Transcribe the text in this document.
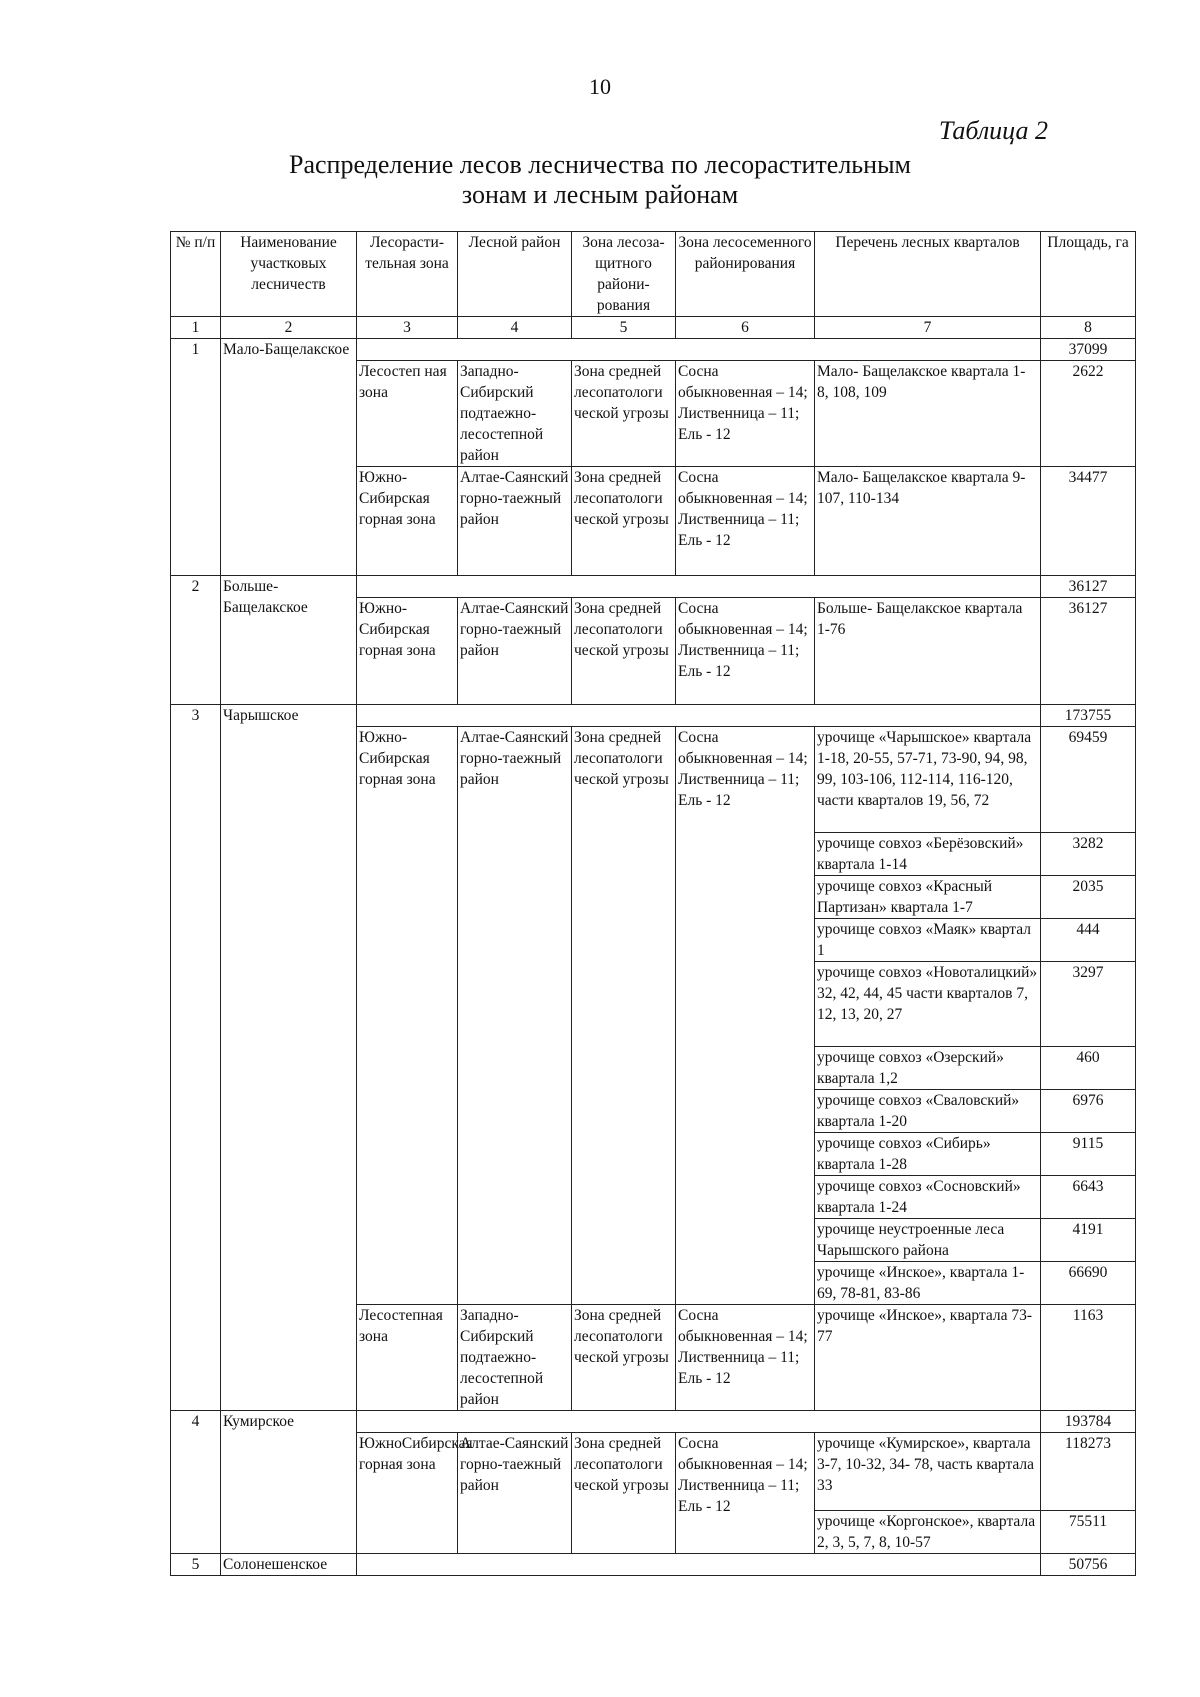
10
Таблица 2
Распределение лесов лесничества по лесорастительным
зонам и лесным районам
№ п/п	Наименование участковых лесничеств	Лесорасти-тельная зона	Лесной район	Зона лесоза-щитного райони-рования	Зона лесосеменного районирования	Перечень лесных кварталов	Площадь, га
1	2	3	4	5	6	7	8
1	Мало-Бащелакское						37099
		Лесостеп ная зона	Западно-Сибирский подтаежно-лесостепной район	Зона средней лесопатологи ческой угрозы	Сосна обыкновенная – 14; Лиственница – 11; Ель - 12	Мало- Бащелакское квартала 1- 8, 108, 109	2622
		Южно-Сибирская горная зона	Алтае-Саянский горно-таежный район	Зона средней лесопатологи ческой угрозы	Сосна обыкновенная – 14; Лиственница – 11; Ель - 12	Мало- Бащелакское квартала 9-107, 110-134	34477
2	Больше-Бащелакское						36127
		Южно-Сибирская горная зона	Алтае-Саянский горно-таежный район	Зона средней лесопатологи ческой угрозы	Сосна обыкновенная – 14; Лиственница – 11; Ель - 12	Больше- Бащелакское квартала 1-76	36127
3	Чарышское						173755
		Южно-Сибирская горная зона	Алтае-Саянский горно-таежный район	Зона средней лесопатологи ческой угрозы	Сосна обыкновенная – 14; Лиственница – 11; Ель - 12	урочище «Чарышское» квартала 1-18, 20-55, 57-71, 73-90, 94, 98, 99, 103-106, 112-114, 116-120, части кварталов 19, 56, 72	69459
						урочище совхоз «Берёзовский» квартала 1-14	3282
						урочище совхоз «Красный Партизан» квартала 1-7	2035
						урочище совхоз «Маяк» квартал 1	444
						урочище совхоз «Новоталицкий» 32, 42, 44, 45 части кварталов 7, 12, 13, 20, 27	3297
						урочище совхоз «Озерский» квартала 1,2	460
						урочище совхоз «Сваловский» квартала 1-20	6976
						урочище совхоз «Сибирь» квартала 1-28	9115
						урочище совхоз «Сосновский» квартала 1-24	6643
						урочище неустроенные леса Чарышского района	4191
						урочище «Инское», квартала 1-69, 78-81, 83-86	66690
		Лесостепная зона	Западно-Сибирский подтаежно-лесостепной район	Зона средней лесопатологи ческой угрозы	Сосна обыкновенная – 14; Лиственница – 11; Ель - 12	урочище «Инское», квартала 73-77	1163
4	Кумирское						193784
		ЮжноСибирская горная зона	Алтае-Саянский горно-таежный район	Зона средней лесопатологи ческой угрозы	Сосна обыкновенная – 14; Лиственница – 11; Ель - 12	урочище «Кумирское», квартала 3-7, 10-32, 34- 78, часть квартала 33	118273
						урочище «Коргонское», квартала 2, 3, 5, 7, 8, 10-57	75511
5	Солонешенское						50756
